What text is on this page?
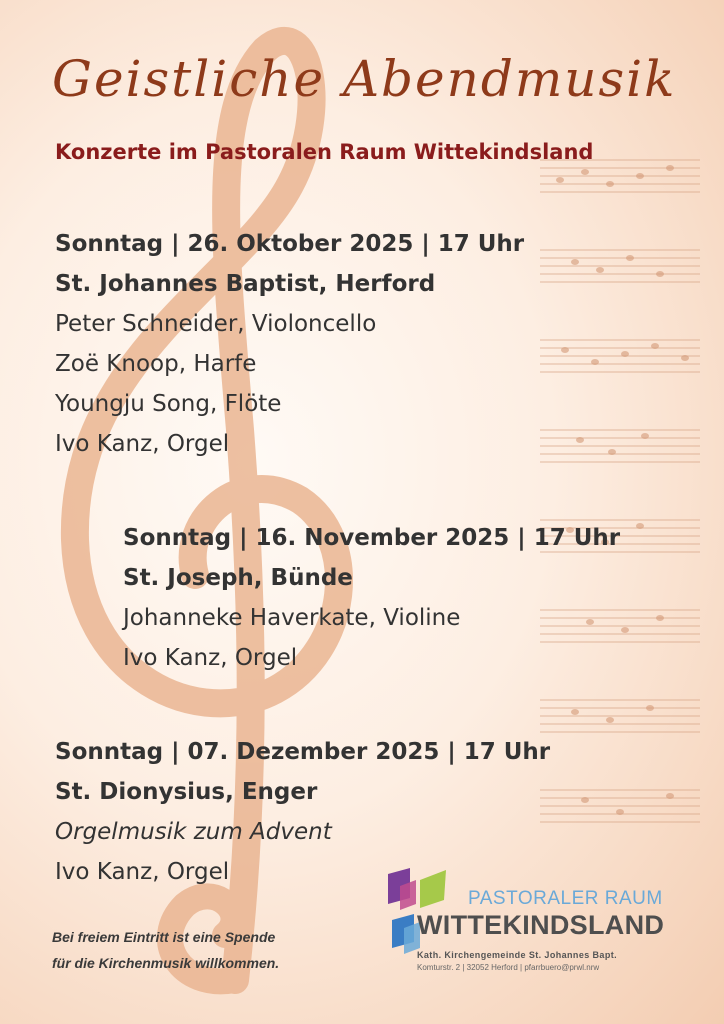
Geistliche Abendmusik
Konzerte im Pastoralen Raum Wittekindsland
Sonntag | 26. Oktober 2025 | 17 Uhr
St. Johannes Baptist, Herford
Peter Schneider, Violoncello
Zoë Knoop, Harfe
Youngju Song, Flöte
Ivo Kanz, Orgel
Sonntag | 16. November 2025 | 17 Uhr
St. Joseph, Bünde
Johanneke Haverkate, Violine
Ivo Kanz, Orgel
Sonntag | 07. Dezember 2025 | 17 Uhr
St. Dionysius, Enger
Orgelmusik zum Advent
Ivo Kanz, Orgel
Bei freiem Eintritt ist eine Spende
für die Kirchenmusik willkommen.
PASTORALER RAUM
WITTEKINDSLAND
Kath. Kirchengemeinde St. Johannes Bapt.
Komturstr. 2 | 32052 Herford | pfarrbuero@prwl.nrw
